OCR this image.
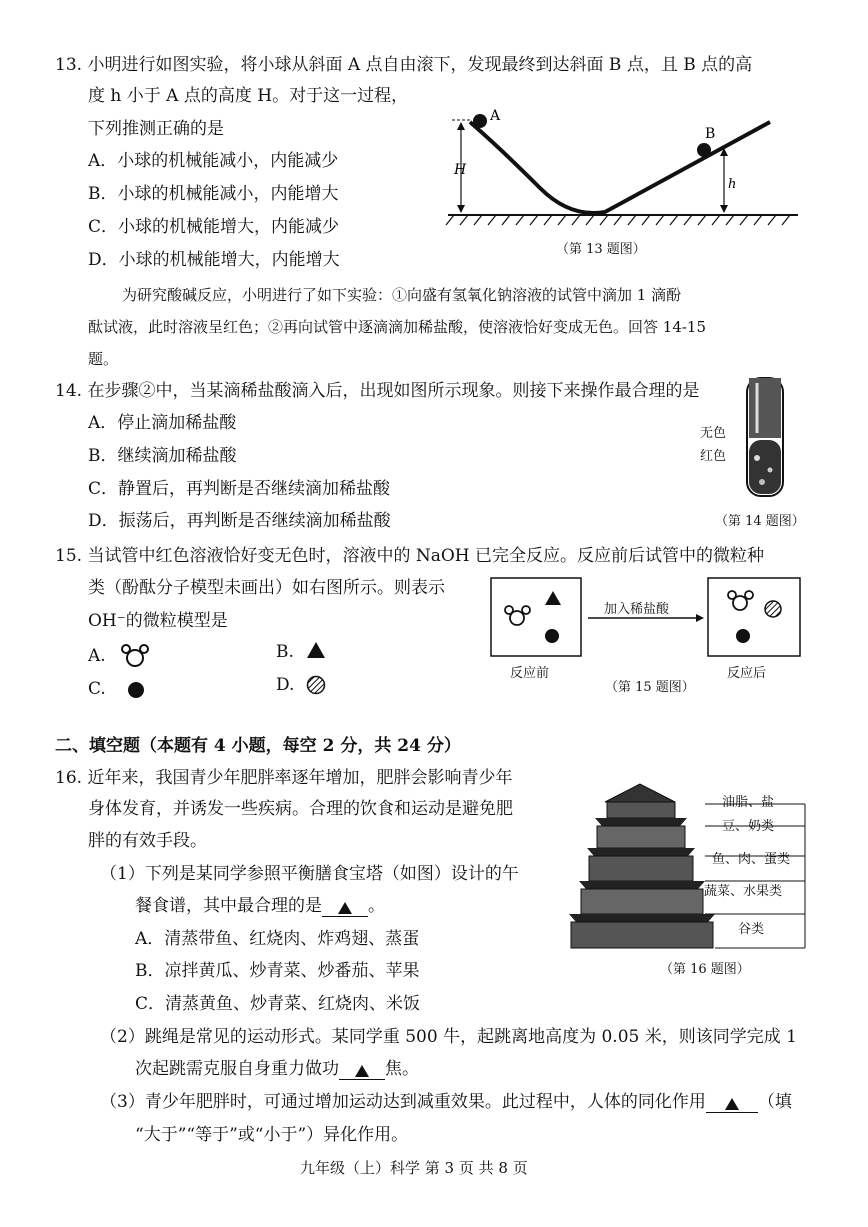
13. 小明进行如图实验，将小球从斜面 A 点自由滚下，发现最终到达斜面 B 点，且 B 点的高
度 h 小于 A 点的高度 H。对于这一过程，
下列推测正确的是
A．小球的机械能减小，内能减少
B．小球的机械能减小，内能增大
C．小球的机械能增大，内能减少
D．小球的机械能增大，内能增大
A
B
H
h
（第 13 题图）
为研究酸碱反应，小明进行了如下实验：①向盛有氢氧化钠溶液的试管中滴加 1 滴酚
酞试液，此时溶液呈红色；②再向试管中逐滴滴加稀盐酸，使溶液恰好变成无色。回答 14-15
题。
14. 在步骤②中，当某滴稀盐酸滴入后，出现如图所示现象。则接下来操作最合理的是
A．停止滴加稀盐酸
B．继续滴加稀盐酸
C．静置后，再判断是否继续滴加稀盐酸
D．振荡后，再判断是否继续滴加稀盐酸
无色
红色
（第 14 题图）
15. 当试管中红色溶液恰好变无色时，溶液中的 NaOH 已完全反应。反应前后试管中的微粒种
类（酚酞分子模型未画出）如右图所示。则表示
OH⁻的微粒模型是
A.	B.
C.	D.
加入稀盐酸
反应前	反应后
（第 15 题图）
二、填空题（本题有 4 小题，每空 2 分，共 24 分）
16. 近年来，我国青少年肥胖率逐年增加，肥胖会影响青少年
身体发育，并诱发一些疾病。合理的饮食和运动是避免肥
胖的有效手段。
（1）下列是某同学参照平衡膳食宝塔（如图）设计的午
餐食谱，其中最合理的是	。
A．清蒸带鱼、红烧肉、炸鸡翅、蒸蛋
B．凉拌黄瓜、炒青菜、炒番茄、苹果
C．清蒸黄鱼、炒青菜、红烧肉、米饭
（2）跳绳是常见的运动形式。某同学重 500 牛，起跳离地高度为 0.05 米，则该同学完成 1
次起跳需克服自身重力做功	焦。
（3）青少年肥胖时，可通过增加运动达到减重效果。此过程中，人体的同化作用	（填
“大于”“等于”或“小于”）异化作用。
油脂、盐
豆、奶类
鱼、肉、蛋类
蔬菜、水果类
谷类
（第 16 题图）
九年级（上）科学 第 3 页 共 8 页
